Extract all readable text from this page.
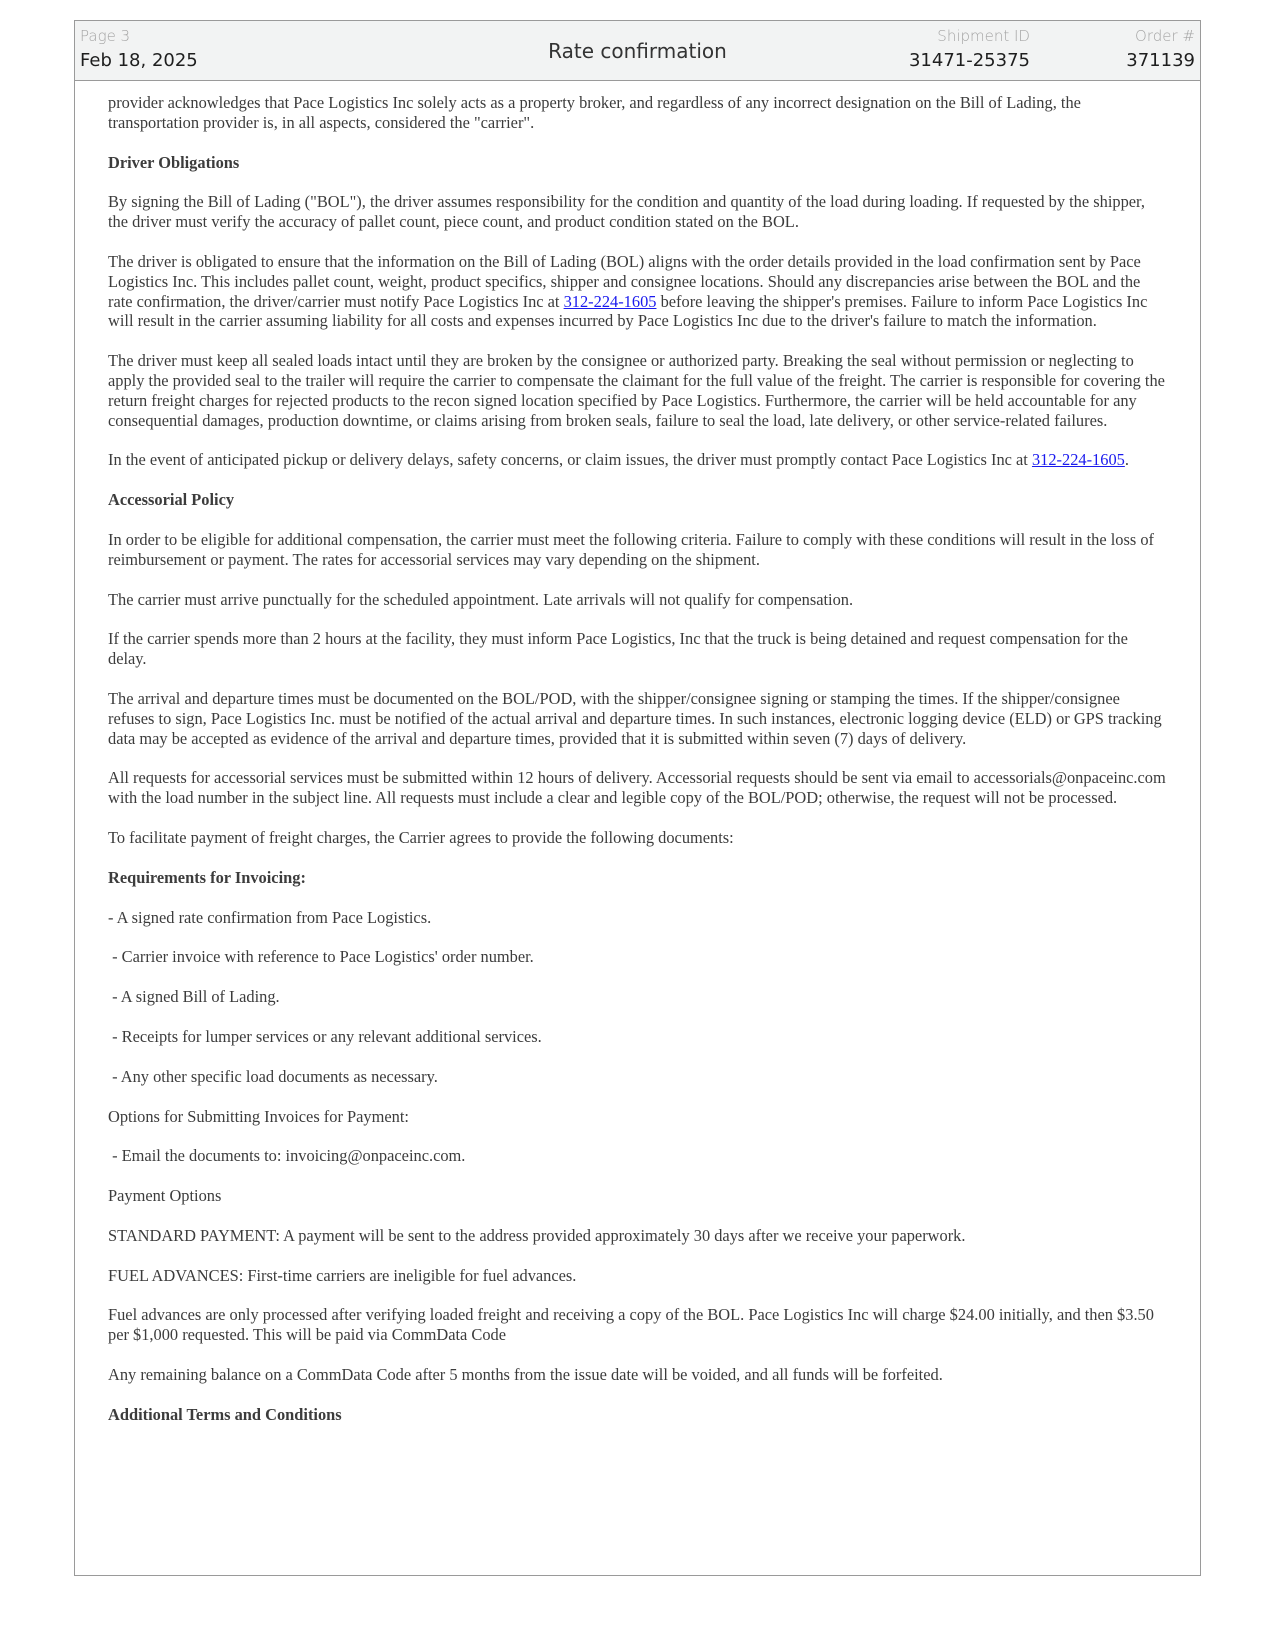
Page 3
Feb 18, 2025	Rate confirmation
Shipment ID
31471-25375
Order #
371139

provider acknowledges that Pace Logistics Inc solely acts as a property broker, and regardless of any incorrect designation on the Bill of Lading, the transportation provider is, in all aspects, considered the "carrier".

Driver Obligations

By signing the Bill of Lading ("BOL"), the driver assumes responsibility for the condition and quantity of the load during loading. If requested by the shipper, the driver must verify the accuracy of pallet count, piece count, and product condition stated on the BOL.

The driver is obligated to ensure that the information on the Bill of Lading (BOL) aligns with the order details provided in the load confirmation sent by Pace Logistics Inc. This includes pallet count, weight, product specifics, shipper and consignee locations. Should any discrepancies arise between the BOL and the rate confirmation, the driver/carrier must notify Pace Logistics Inc at 312-224-1605 before leaving the shipper's premises. Failure to inform Pace Logistics Inc will result in the carrier assuming liability for all costs and expenses incurred by Pace Logistics Inc due to the driver's failure to match the information.

The driver must keep all sealed loads intact until they are broken by the consignee or authorized party. Breaking the seal without permission or neglecting to apply the provided seal to the trailer will require the carrier to compensate the claimant for the full value of the freight. The carrier is responsible for covering the return freight charges for rejected products to the recon signed location specified by Pace Logistics. Furthermore, the carrier will be held accountable for any consequential damages, production downtime, or claims arising from broken seals, failure to seal the load, late delivery, or other service-related failures.

In the event of anticipated pickup or delivery delays, safety concerns, or claim issues, the driver must promptly contact Pace Logistics Inc at 312-224-1605.

Accessorial Policy

In order to be eligible for additional compensation, the carrier must meet the following criteria. Failure to comply with these conditions will result in the loss of reimbursement or payment. The rates for accessorial services may vary depending on the shipment.

The carrier must arrive punctually for the scheduled appointment. Late arrivals will not qualify for compensation.

If the carrier spends more than 2 hours at the facility, they must inform Pace Logistics, Inc that the truck is being detained and request compensation for the delay.

The arrival and departure times must be documented on the BOL/POD, with the shipper/consignee signing or stamping the times. If the shipper/consignee refuses to sign, Pace Logistics Inc. must be notified of the actual arrival and departure times. In such instances, electronic logging device (ELD) or GPS tracking data may be accepted as evidence of the arrival and departure times, provided that it is submitted within seven (7) days of delivery.

All requests for accessorial services must be submitted within 12 hours of delivery. Accessorial requests should be sent via email to accessorials@onpaceinc.com with the load number in the subject line. All requests must include a clear and legible copy of the BOL/POD; otherwise, the request will not be processed.

To facilitate payment of freight charges, the Carrier agrees to provide the following documents:

Requirements for Invoicing:

- A signed rate confirmation from Pace Logistics.

- Carrier invoice with reference to Pace Logistics' order number.

- A signed Bill of Lading.

- Receipts for lumper services or any relevant additional services.

- Any other specific load documents as necessary.

Options for Submitting Invoices for Payment:

- Email the documents to: invoicing@onpaceinc.com.

Payment Options

STANDARD PAYMENT: A payment will be sent to the address provided approximately 30 days after we receive your paperwork.

FUEL ADVANCES: First-time carriers are ineligible for fuel advances.

Fuel advances are only processed after verifying loaded freight and receiving a copy of the BOL. Pace Logistics Inc will charge $24.00 initially, and then $3.50 per $1,000 requested. This will be paid via CommData Code

Any remaining balance on a CommData Code after 5 months from the issue date will be voided, and all funds will be forfeited.

Additional Terms and Conditions
